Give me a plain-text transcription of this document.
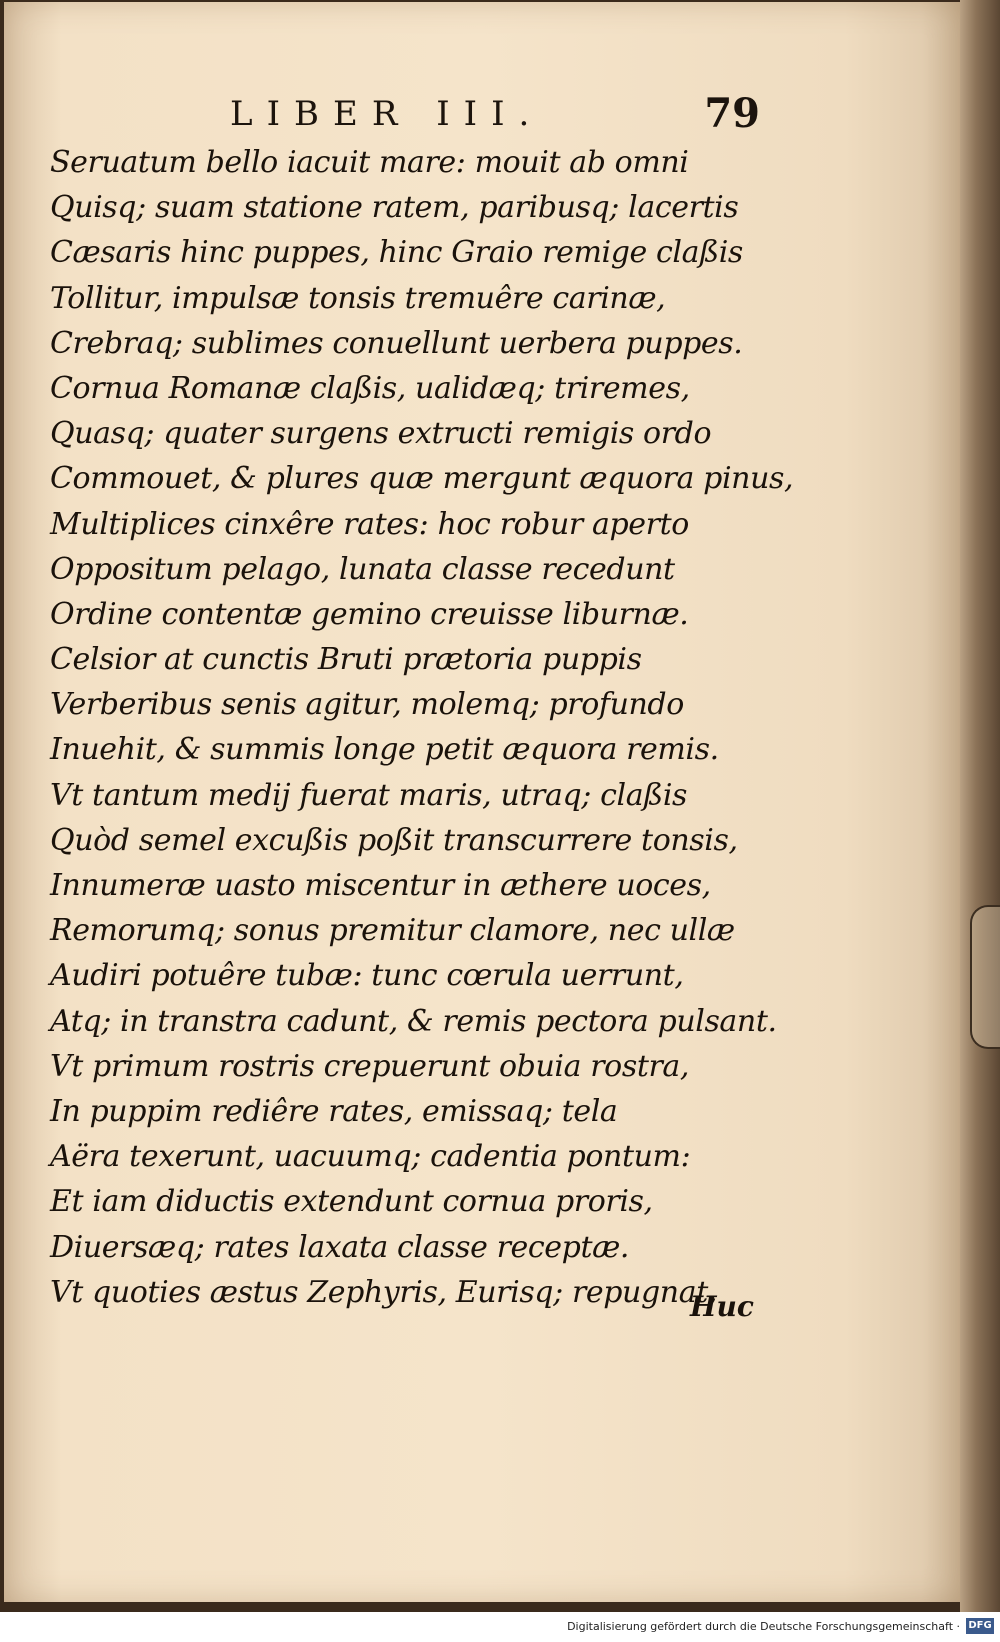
LIBER III.	79
Seruatum bello iacuit mare: mouit ab omni
Quisq; suam statione ratem, paribusq; lacertis
Cæsaris hinc puppes, hinc Graio remige claßis
Tollitur, impulsæ tonsis tremuêre carinæ,
Crebraq; sublimes conuellunt uerbera puppes.
Cornua Romanæ claßis, ualidæq; triremes,
Quasq; quater surgens extructi remigis ordo
Commouet, & plures quæ mergunt æquora pinus,
Multiplices cinxêre rates: hoc robur aperto
Oppositum pelago, lunata classe recedunt
Ordine contentæ gemino creuisse liburnæ.
Celsior at cunctis Bruti prætoria puppis
Verberibus senis agitur, molemq; profundo
Inuehit, & summis longe petit æquora remis.
Vt tantum medij fuerat maris, utraq; claßis
Quòd semel excußis poßit transcurrere tonsis,
Innumeræ uasto miscentur in æthere uoces,
Remorumq; sonus premitur clamore, nec ullæ
Audiri potuêre tubæ: tunc cœrula uerrunt,
Atq; in transtra cadunt, & remis pectora pulsant.
Vt primum rostris crepuerunt obuia rostra,
In puppim rediêre rates, emissaq; tela
Aëra texerunt, uacuumq; cadentia pontum:
Et iam diductis extendunt cornua proris,
Diuersæq; rates laxata classe receptæ.
Vt quoties æstus Zephyris, Eurisq; repugnat,
Huc
Digitalisierung gefördert durch die Deutsche Forschungsgemeinschaft · DFG
